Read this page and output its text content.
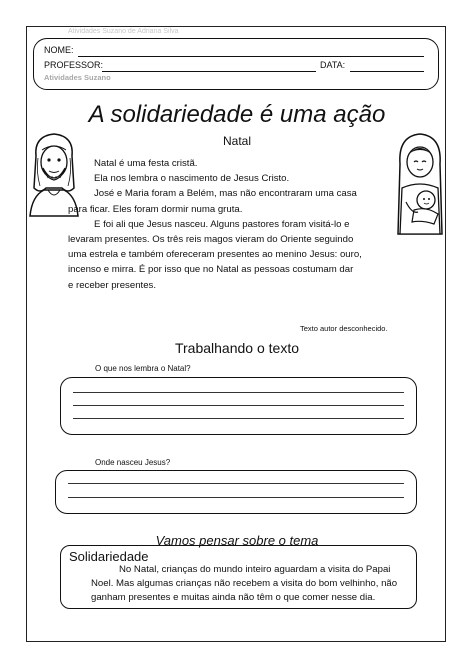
Atividades Suzano de Adriana Silva
NOME:
PROFESSOR:	DATA:
Atividades Suzano
A solidariedade é uma ação
Natal

Natal é uma festa cristã.

Ela nos lembra o nascimento de Jesus Cristo.

José e Maria foram a Belém, mas não encontraram uma casa

para ficar. Eles foram dormir numa gruta.

E foi ali que Jesus nasceu. Alguns pastores foram visitá-lo e

levaram presentes. Os três reis magos vieram do Oriente seguindo

uma estrela e também ofereceram presentes ao menino Jesus: ouro,

incenso e mirra. É por isso que no Natal as pessoas costumam dar

e receber presentes.

Texto autor desconhecido.
Trabalhando o texto
O que nos lembra o Natal?
Onde nasceu Jesus?
Vamos pensar sobre o tema
Solidariedade
No Natal, crianças do mundo inteiro aguardam a visita do Papai
Noel. Mas algumas crianças não recebem a visita do bom velhinho, não
ganham presentes e muitas ainda não têm o que comer nesse dia.
